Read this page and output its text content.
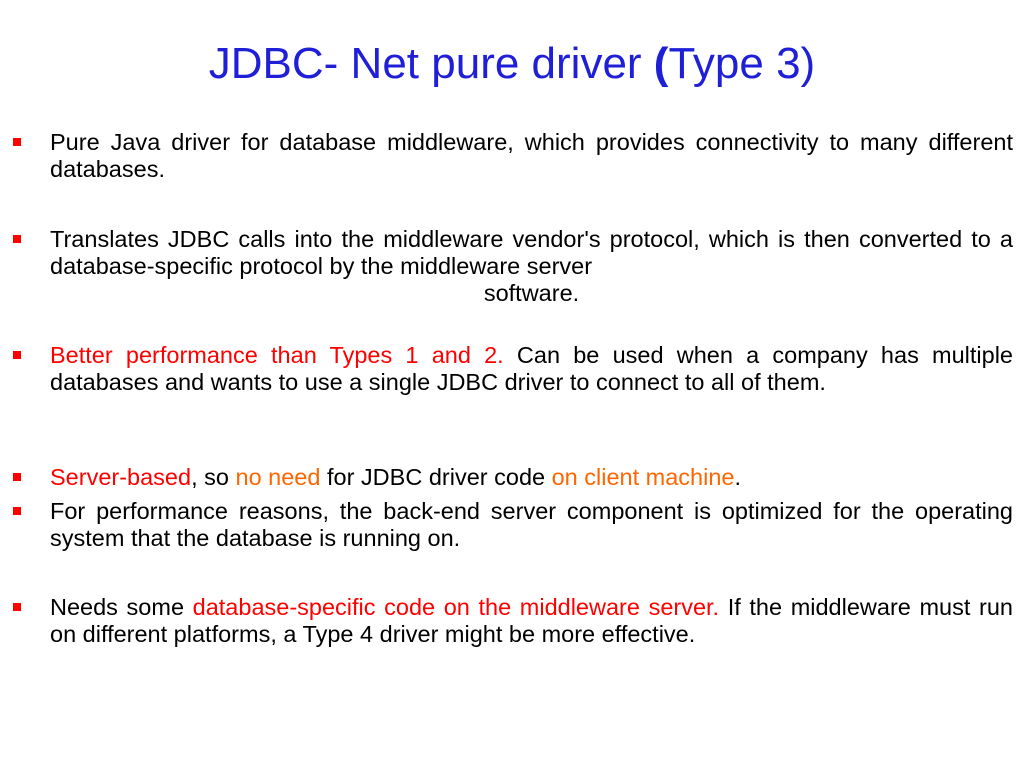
JDBC- Net pure driver (Type 3)
Pure Java driver for database middleware, which provides connectivity to many different databases.
Translates JDBC calls into the middleware vendor's protocol, which is then converted to a database-specific protocol by the middleware server
software.
Better performance than Types 1 and 2. Can be used when a company has multiple databases and wants to use a single JDBC driver to connect to all of them.
Server-based, so no need for JDBC driver code on client machine.
For performance reasons, the back-end server component is optimized for the operating system that the database is running on.
Needs some database-specific code on the middleware server. If the middleware must run on different platforms, a Type 4 driver might be more effective.
